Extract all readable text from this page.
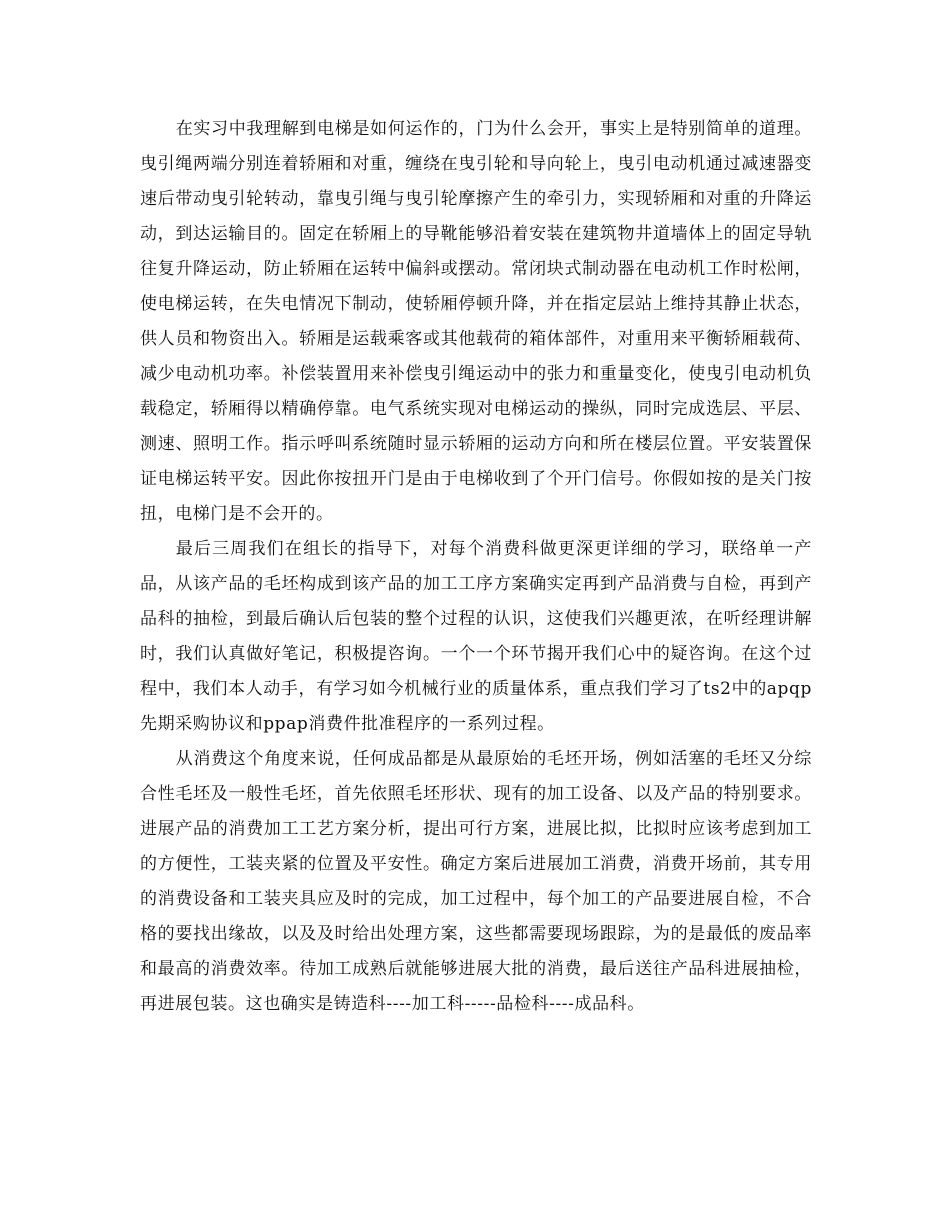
在实习中我理解到电梯是如何运作的，门为什么会开，事实上是特别简单的道理。曳引绳两端分别连着轿厢和对重，缠绕在曳引轮和导向轮上，曳引电动机通过减速器变速后带动曳引轮转动，靠曳引绳与曳引轮摩擦产生的牵引力，实现轿厢和对重的升降运动，到达运输目的。固定在轿厢上的导靴能够沿着安装在建筑物井道墙体上的固定导轨往复升降运动，防止轿厢在运转中偏斜或摆动。常闭块式制动器在电动机工作时松闸，使电梯运转，在失电情况下制动，使轿厢停顿升降，并在指定层站上维持其静止状态，供人员和物资出入。轿厢是运载乘客或其他载荷的箱体部件，对重用来平衡轿厢载荷、减少电动机功率。补偿装置用来补偿曳引绳运动中的张力和重量变化，使曳引电动机负载稳定，轿厢得以精确停靠。电气系统实现对电梯运动的操纵，同时完成选层、平层、测速、照明工作。指示呼叫系统随时显示轿厢的运动方向和所在楼层位置。平安装置保证电梯运转平安。因此你按扭开门是由于电梯收到了个开门信号。你假如按的是关门按扭，电梯门是不会开的。

最后三周我们在组长的指导下，对每个消费科做更深更详细的学习，联络单一产品，从该产品的毛坯构成到该产品的加工工序方案确实定再到产品消费与自检，再到产品科的抽检，到最后确认后包装的整个过程的认识，这使我们兴趣更浓，在听经理讲解时，我们认真做好笔记，积极提咨询。一个一个环节揭开我们心中的疑咨询。在这个过程中，我们本人动手，有学习如今机械行业的质量体系，重点我们学习了ts2中的apqp先期采购协议和ppap消费件批准程序的一系列过程。

从消费这个角度来说，任何成品都是从最原始的毛坯开场，例如活塞的毛坯又分综合性毛坯及一般性毛坯，首先依照毛坯形状、现有的加工设备、以及产品的特别要求。进展产品的消费加工工艺方案分析，提出可行方案，进展比拟，比拟时应该考虑到加工的方便性，工装夹紧的位置及平安性。确定方案后进展加工消费，消费开场前，其专用的消费设备和工装夹具应及时的完成，加工过程中，每个加工的产品要进展自检，不合格的要找出缘故，以及及时给出处理方案，这些都需要现场跟踪，为的是最低的废品率和最高的消费效率。待加工成熟后就能够进展大批的消费，最后送往产品科进展抽检，再进展包装。这也确实是铸造科----加工科-----品检科----成品科。
